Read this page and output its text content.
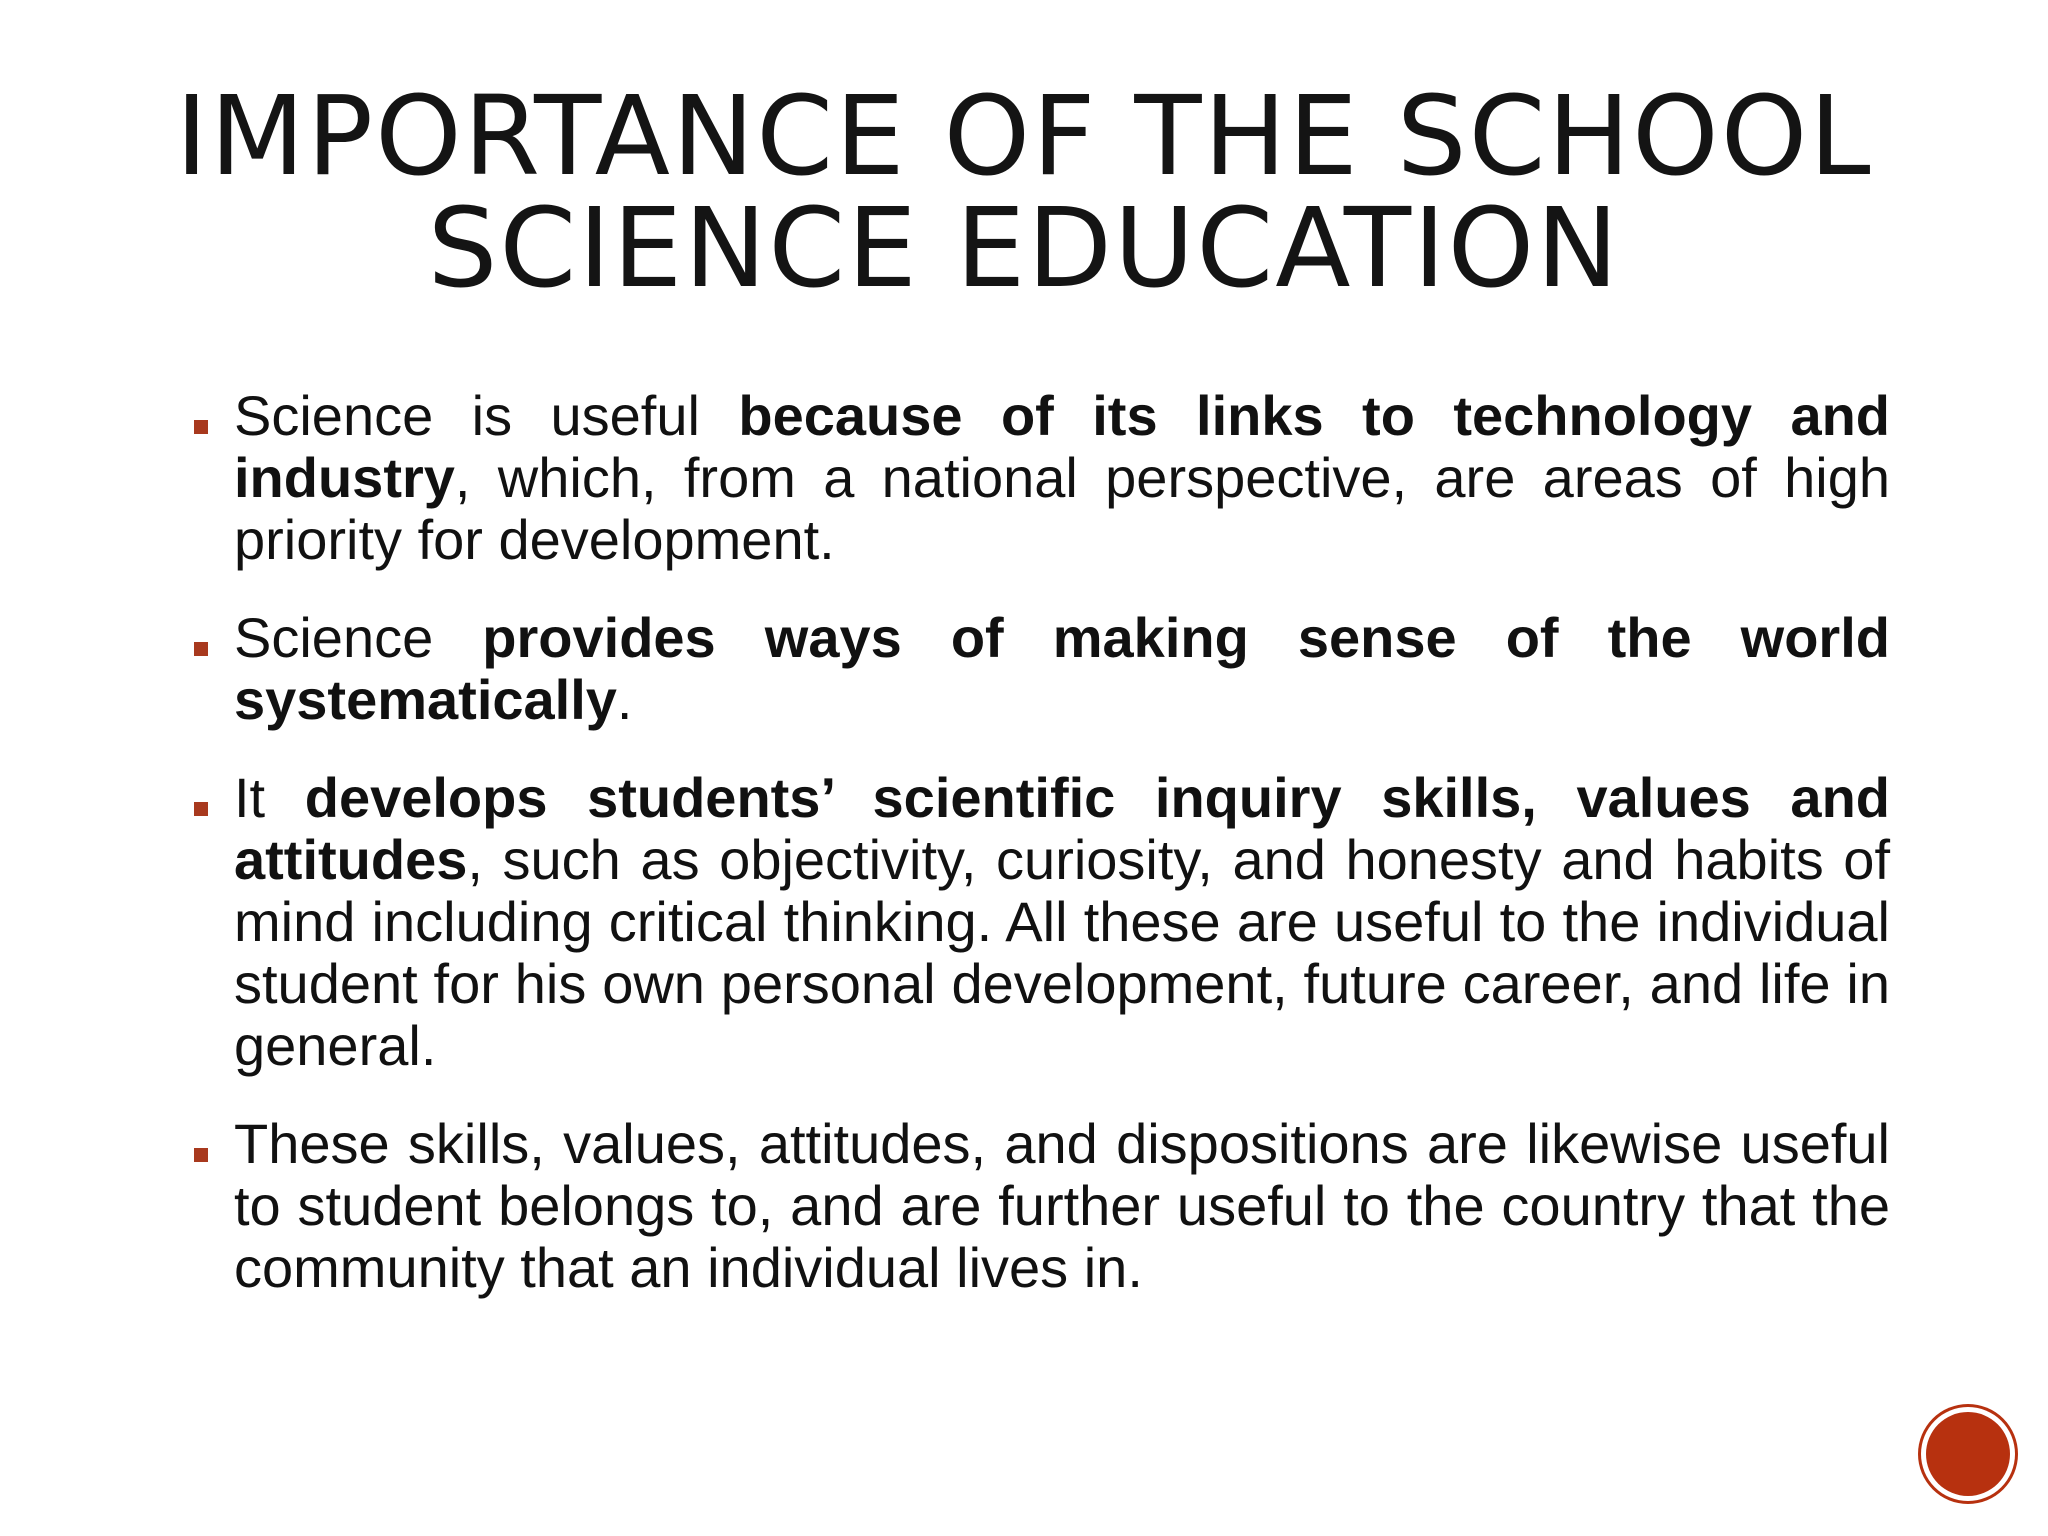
IMPORTANCE OF THE SCHOOL
SCIENCE EDUCATION
Science is useful because of its links to technology and industry, which, from a national perspective, are areas of high priority for development.
Science provides ways of making sense of the world systematically.
It develops students’ scientific inquiry skills, values and attitudes, such as objectivity, curiosity, and honesty and habits of mind including critical thinking. All these are useful to the individual student for his own personal development, future career, and life in general.
These skills, values, attitudes, and dispositions are likewise useful to student belongs to, and are further useful to the country that the community that an individual lives in.
